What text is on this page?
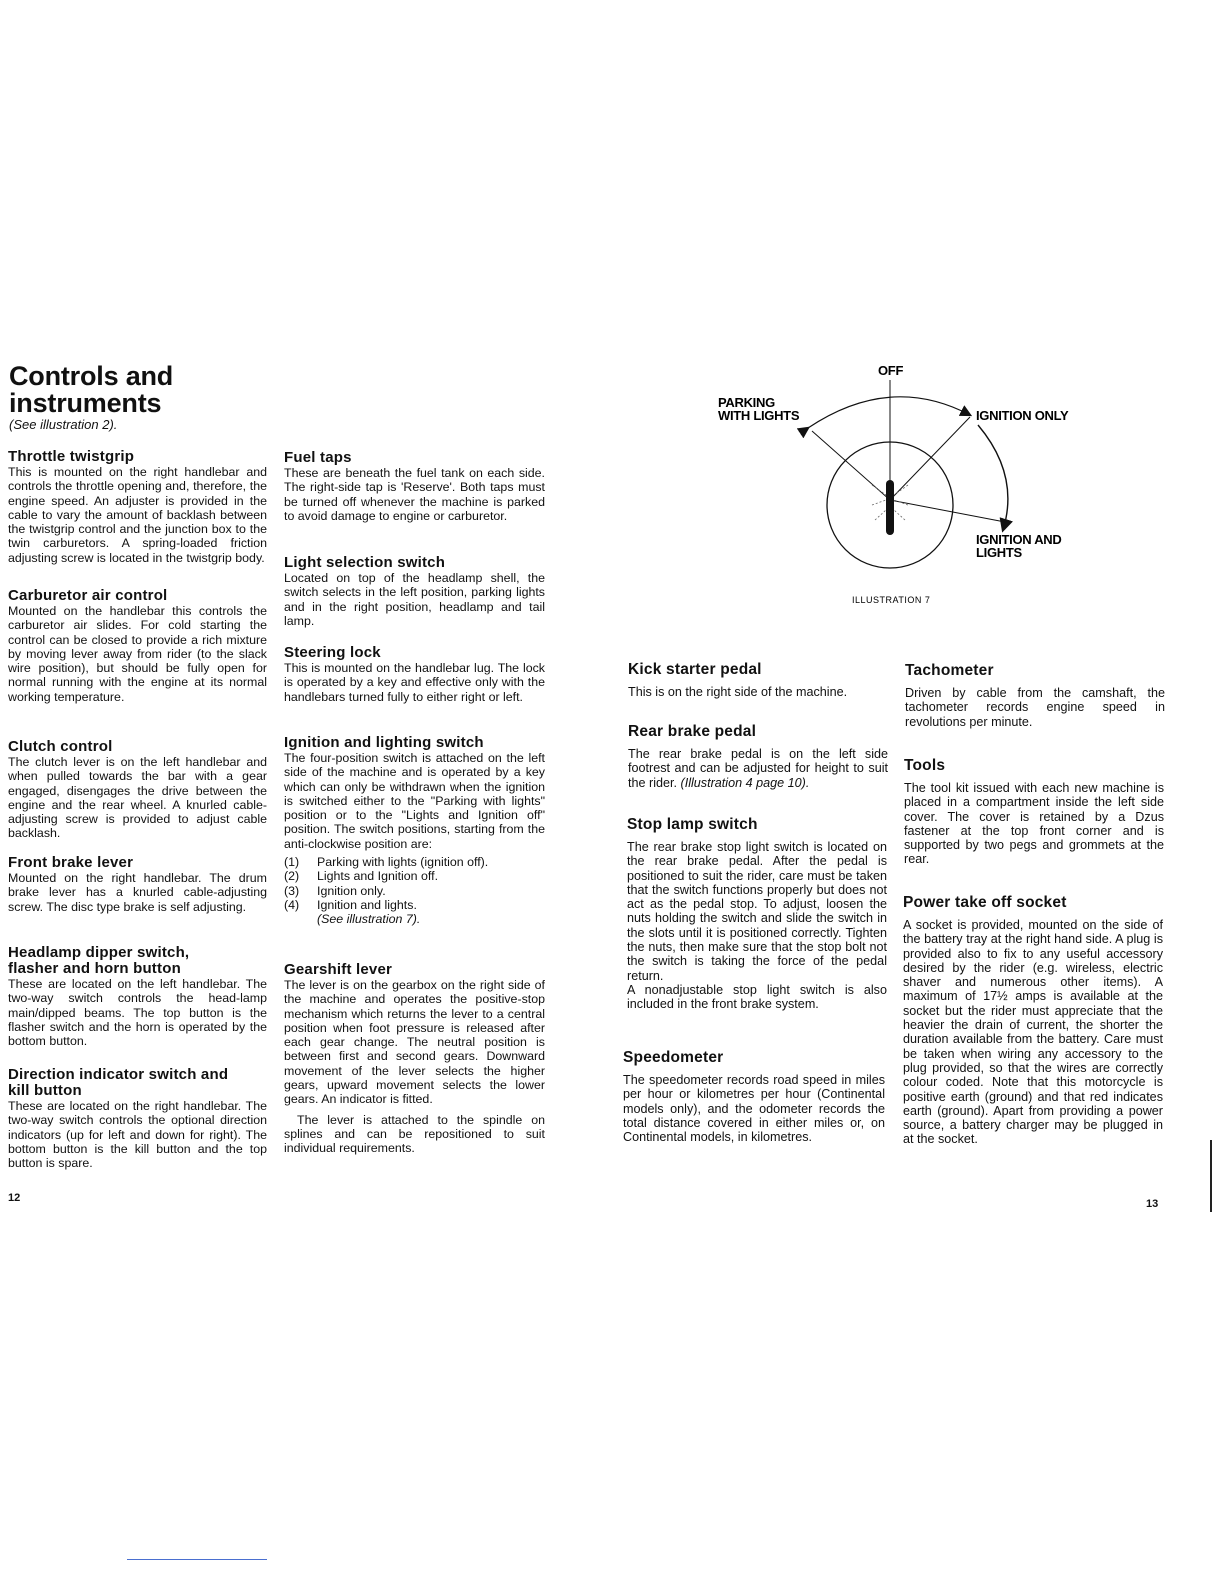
Controls and
instruments
(See illustration 2).
Throttle twistgrip

This is mounted on the right handlebar and controls the throttle opening and, therefore, the engine speed. An adjuster is provided in the cable to vary the amount of backlash between the twistgrip control and the junction box to the twin carburetors. A spring-loaded friction adjusting screw is located in the twistgrip body.

Carburetor air control

Mounted on the handlebar this controls the carburetor air slides. For cold starting the control can be closed to provide a rich mixture by moving lever away from rider (to the slack wire position), but should be fully open for normal running with the engine at its normal working temperature.

Clutch control

The clutch lever is on the left handlebar and when pulled towards the bar with a gear engaged, disengages the drive between the engine and the rear wheel. A knurled cable-adjusting screw is provided to adjust cable backlash.

Front brake lever

Mounted on the right handlebar. The drum brake lever has a knurled cable-adjusting screw. The disc type brake is self adjusting.

Headlamp dipper switch, flasher and horn button

These are located on the left handlebar. The two-way switch controls the head-lamp main/dipped beams. The top button is the flasher switch and the horn is operated by the bottom button.

Direction indicator switch and kill button

These are located on the right handlebar. The two-way switch controls the optional direction indicators (up for left and down for right). The bottom button is the kill button and the top button is spare.

Fuel taps

These are beneath the fuel tank on each side. The right-side tap is 'Reserve'. Both taps must be turned off whenever the machine is parked to avoid damage to engine or carburetor.

Light selection switch

Located on top of the headlamp shell, the switch selects in the left position, parking lights and in the right position, headlamp and tail lamp.

Steering lock

This is mounted on the handlebar lug. The lock is operated by a key and effective only with the handlebars turned fully to either right or left.

Ignition and lighting switch

The four-position switch is attached on the left side of the machine and is operated by a key which can only be withdrawn when the ignition is switched either to the "Parking with lights" position or to the "Lights and Ignition off" position. The switch positions, starting from the anti-clockwise position are:

(1)	Parking with lights (ignition off).
(2)	Lights and Ignition off.
(3)	Ignition only.
(4)	Ignition and lights.
(See illustration 7).
Gearshift lever

The lever is on the gearbox on the right side of the machine and operates the positive-stop mechanism which returns the lever to a central position when foot pressure is released after each gear change. The neutral position is between first and second gears. Downward movement of the lever selects the higher gears, upward movement selects the lower gears. An indicator is fitted.

The lever is attached to the spindle on splines and can be repositioned to suit individual requirements.

OFF
PARKING
WITH LIGHTS	IGNITION ONLY
IGNITION AND
LIGHTS
ILLUSTRATION 7
Kick starter pedal

This is on the right side of the machine.

Rear brake pedal

The rear brake pedal is on the left side footrest and can be adjusted for height to suit the rider. (Illustration 4 page 10).

Stop lamp switch

The rear brake stop light switch is located on the rear brake pedal. After the pedal is positioned to suit the rider, care must be taken that the switch functions properly but does not act as the pedal stop. To adjust, loosen the nuts holding the switch and slide the switch in the slots until it is positioned correctly. Tighten the nuts, then make sure that the stop bolt not the switch is taking the force of the pedal return.

A nonadjustable stop light switch is also included in the front brake system.

Speedometer

The speedometer records road speed in miles per hour or kilometres per hour (Continental models only), and the odometer records the total distance covered in either miles or, on Continental models, in kilometres.

Tachometer

Driven by cable from the camshaft, the tachometer records engine speed in revolutions per minute.

Tools

The tool kit issued with each new machine is placed in a compartment inside the left side cover. The cover is retained by a Dzus fastener at the top front corner and is supported by two pegs and grommets at the rear.

Power take off socket

A socket is provided, mounted on the side of the battery tray at the right hand side. A plug is provided also to fix to any useful accessory desired by the rider (e.g. wireless, electric shaver and numerous other items). A maximum of 17½ amps is available at the socket but the rider must appreciate that the heavier the drain of current, the shorter the duration available from the battery. Care must be taken when wiring any accessory to the plug provided, so that the wires are correctly colour coded. Note that this motorcycle is positive earth (ground) and that red indicates earth (ground). Apart from providing a power source, a battery charger may be plugged in at the socket.

12	13
